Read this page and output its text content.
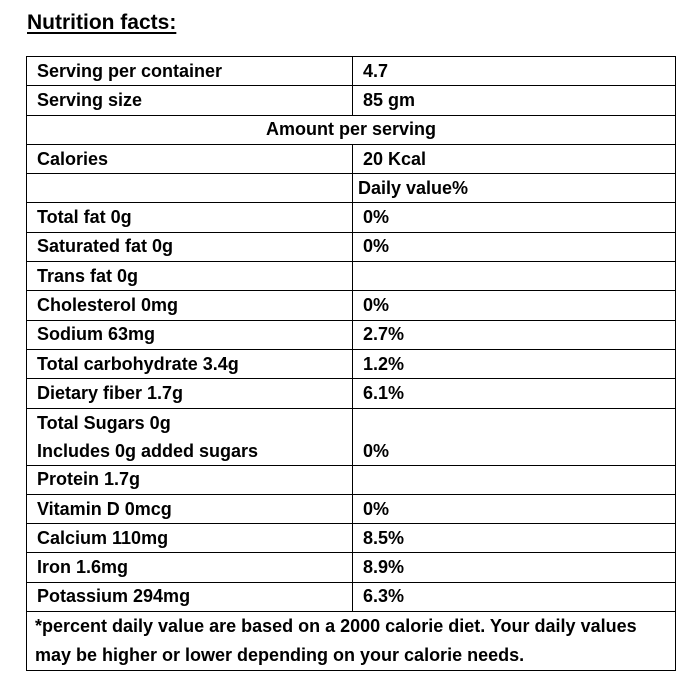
Nutrition facts:
Serving per container	4.7
Serving size	85 gm
Amount per serving	
Calories	20 Kcal
	Daily value%
Total fat 0g	0%
Saturated fat 0g	0%
Trans fat 0g	
Cholesterol 0mg	0%
Sodium 63mg	2.7%
Total carbohydrate 3.4g	1.2%
Dietary fiber 1.7g	6.1%

Total Sugars 0g
Includes 0g added sugars	0%
Protein 1.7g	
Vitamin D 0mcg	0%
Calcium 110mg	8.5%
Iron 1.6mg	8.9%
Potassium 294mg	6.3%
*percent daily value are based on a 2000 calorie diet. Your daily values may be higher or lower depending on your calorie needs.	
